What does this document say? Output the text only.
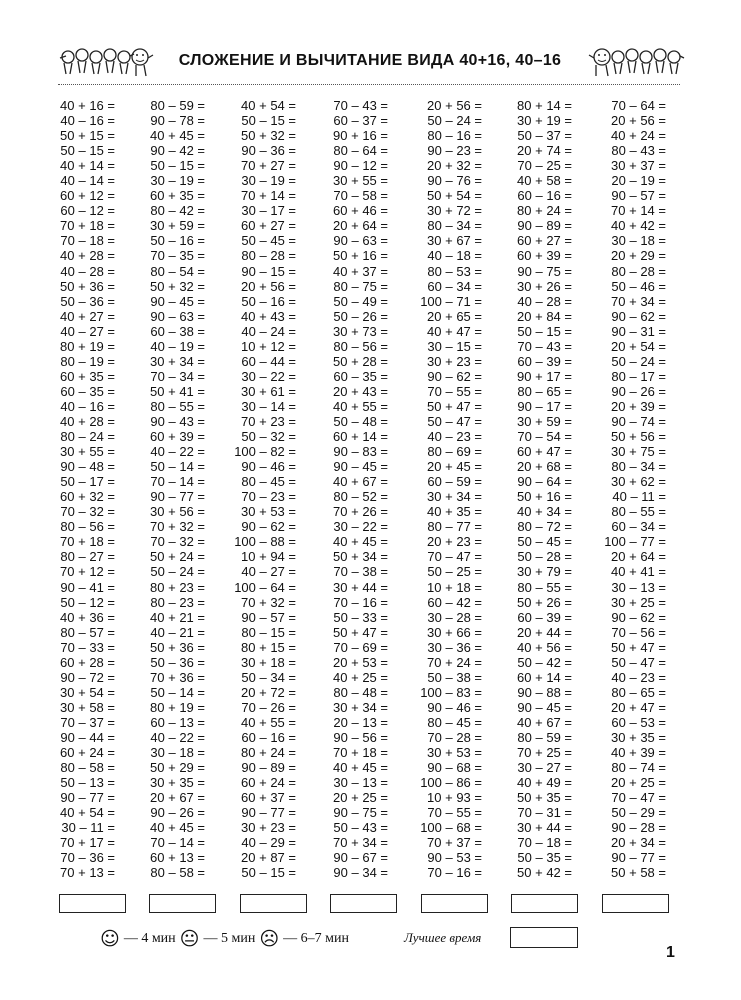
СЛОЖЕНИЕ И ВЫЧИТАНИЕ ВИДА 40+16, 40–16
40 + 16 =
40 – 16 =
50 + 15 =
50 – 15 =
40 + 14 =
40 – 14 =
60 + 12 =
60 – 12 =
70 + 18 =
70 – 18 =
40 + 28 =
40 – 28 =
50 + 36 =
50 – 36 =
40 + 27 =
40 – 27 =
80 + 19 =
80 – 19 =
60 + 35 =
60 – 35 =
40 – 16 =
40 + 28 =
80 – 24 =
30 + 55 =
90 – 48 =
50 – 17 =
60 + 32 =
70 – 32 =
80 – 56 =
70 + 18 =
80 – 27 =
70 + 12 =
90 – 41 =
50 – 12 =
40 + 36 =
80 – 57 =
70 – 33 =
60 + 28 =
90 – 72 =
30 + 54 =
30 + 58 =
70 – 37 =
90 – 44 =
60 + 24 =
80 – 58 =
50 – 13 =
90 – 77 =
40 + 54 =
30 – 11 =
70 + 17 =
70 – 36 =
70 + 13 =
80 – 59 =
90 – 78 =
40 + 45 =
90 – 42 =
50 – 15 =
30 – 19 =
60 + 35 =
80 – 42 =
30 + 59 =
50 – 16 =
70 – 35 =
80 – 54 =
50 + 32 =
90 – 45 =
90 – 63 =
60 – 38 =
40 – 19 =
30 + 34 =
70 – 34 =
50 + 41 =
80 – 55 =
90 – 43 =
60 + 39 =
40 – 22 =
50 – 14 =
70 – 14 =
90 – 77 =
30 + 56 =
70 + 32 =
70 – 32 =
50 + 24 =
50 – 24 =
80 + 23 =
80 – 23 =
40 + 21 =
40 – 21 =
50 + 36 =
50 – 36 =
70 + 36 =
50 – 14 =
80 + 19 =
60 – 13 =
40 – 22 =
30 – 18 =
50 + 29 =
30 + 35 =
20 + 67 =
90 – 26 =
40 + 45 =
70 – 14 =
60 + 13 =
80 – 58 =
40 + 54 =
50 – 15 =
50 + 32 =
90 – 36 =
70 + 27 =
30 – 19 =
70 + 14 =
30 – 17 =
60 + 27 =
50 – 45 =
80 – 28 =
90 – 15 =
20 + 56 =
50 – 16 =
40 + 43 =
40 – 24 =
10 + 12 =
60 – 44 =
30 – 22 =
30 + 61 =
30 – 14 =
70 + 23 =
50 – 32 =
100 – 82 =
90 – 46 =
80 – 45 =
70 – 23 =
30 + 53 =
90 – 62 =
100 – 88 =
10 + 94 =
40 – 27 =
100 – 64 =
70 + 32 =
90 – 57 =
80 – 15 =
80 + 15 =
30 + 18 =
50 – 34 =
20 + 72 =
70 – 26 =
40 + 55 =
60 – 16 =
80 + 24 =
90 – 89 =
60 + 24 =
60 + 37 =
90 – 77 =
30 + 23 =
40 – 29 =
20 + 87 =
50 – 15 =
70 – 43 =
60 – 37 =
90 + 16 =
80 – 64 =
90 – 12 =
30 + 55 =
70 – 58 =
60 + 46 =
20 + 64 =
90 – 63 =
50 + 16 =
40 + 37 =
80 – 75 =
50 – 49 =
50 – 26 =
30 + 73 =
80 – 56 =
50 + 28 =
60 – 35 =
20 + 43 =
40 + 55 =
50 – 48 =
60 + 14 =
90 – 83 =
90 – 45 =
40 + 67 =
80 – 52 =
70 + 26 =
30 – 22 =
40 + 45 =
50 + 34 =
70 – 38 =
30 + 44 =
70 – 16 =
50 – 33 =
50 + 47 =
70 – 69 =
20 + 53 =
40 + 25 =
80 – 48 =
30 + 34 =
20 – 13 =
90 – 56 =
70 + 18 =
40 + 45 =
30 – 13 =
20 + 25 =
90 – 75 =
50 – 43 =
70 + 34 =
90 – 67 =
90 – 34 =
20 + 56 =
50 – 24 =
80 – 16 =
90 – 23 =
20 + 32 =
90 – 76 =
50 + 54 =
30 + 72 =
80 – 34 =
30 + 67 =
40 – 18 =
80 – 53 =
60 – 34 =
100 – 71 =
20 + 65 =
40 + 47 =
30 – 15 =
30 + 23 =
90 – 62 =
70 – 55 =
50 + 47 =
50 – 47 =
40 – 23 =
80 – 69 =
20 + 45 =
60 – 59 =
30 + 34 =
40 + 35 =
80 – 77 =
20 + 23 =
70 – 47 =
50 – 25 =
10 + 18 =
60 – 42 =
30 – 28 =
30 + 66 =
30 – 36 =
70 + 24 =
50 – 38 =
100 – 83 =
90 – 46 =
80 – 45 =
70 – 28 =
30 + 53 =
90 – 68 =
100 – 86 =
10 + 93 =
70 – 55 =
100 – 68 =
70 + 37 =
90 – 53 =
70 – 16 =
80 + 14 =
30 + 19 =
50 – 37 =
20 + 74 =
70 – 25 =
40 + 58 =
60 – 16 =
80 + 24 =
90 – 89 =
60 + 27 =
60 + 39 =
90 – 75 =
30 + 26 =
40 – 28 =
20 + 84 =
50 – 15 =
70 – 43 =
60 – 39 =
90 + 17 =
80 – 65 =
90 – 17 =
30 + 59 =
70 – 54 =
60 + 47 =
20 + 68 =
90 – 64 =
50 + 16 =
40 + 34 =
80 – 72 =
50 – 45 =
50 – 28 =
30 + 79 =
80 – 55 =
50 + 26 =
60 – 39 =
20 + 44 =
40 + 56 =
50 – 42 =
60 + 14 =
90 – 88 =
90 – 45 =
40 + 67 =
80 – 59 =
70 + 25 =
30 – 27 =
40 + 49 =
50 + 35 =
70 – 31 =
30 + 44 =
70 – 18 =
50 – 35 =
50 + 42 =
70 – 64 =
20 + 56 =
40 + 24 =
80 – 43 =
30 + 37 =
20 – 19 =
90 – 57 =
70 + 14 =
40 + 42 =
30 – 18 =
20 + 29 =
80 – 28 =
50 – 46 =
70 + 34 =
90 – 62 =
90 – 31 =
20 + 54 =
50 – 24 =
80 – 17 =
90 – 26 =
20 + 39 =
90 – 74 =
50 + 56 =
30 + 75 =
80 – 34 =
30 + 62 =
40 – 11 =
80 – 55 =
60 – 34 =
100 – 77 =
20 + 64 =
40 + 41 =
30 – 13 =
30 + 25 =
90 – 62 =
70 – 56 =
50 + 47 =
50 – 47 =
40 – 23 =
80 – 65 =
20 + 47 =
60 – 53 =
30 + 35 =
40 + 39 =
80 – 74 =
20 + 25 =
70 – 47 =
50 – 29 =
90 – 28 =
20 + 34 =
90 – 77 =
50 + 58 =
☺ — 4 мин 😐 — 5 мин ☹ — 6–7 мин	Лучшее время
1
